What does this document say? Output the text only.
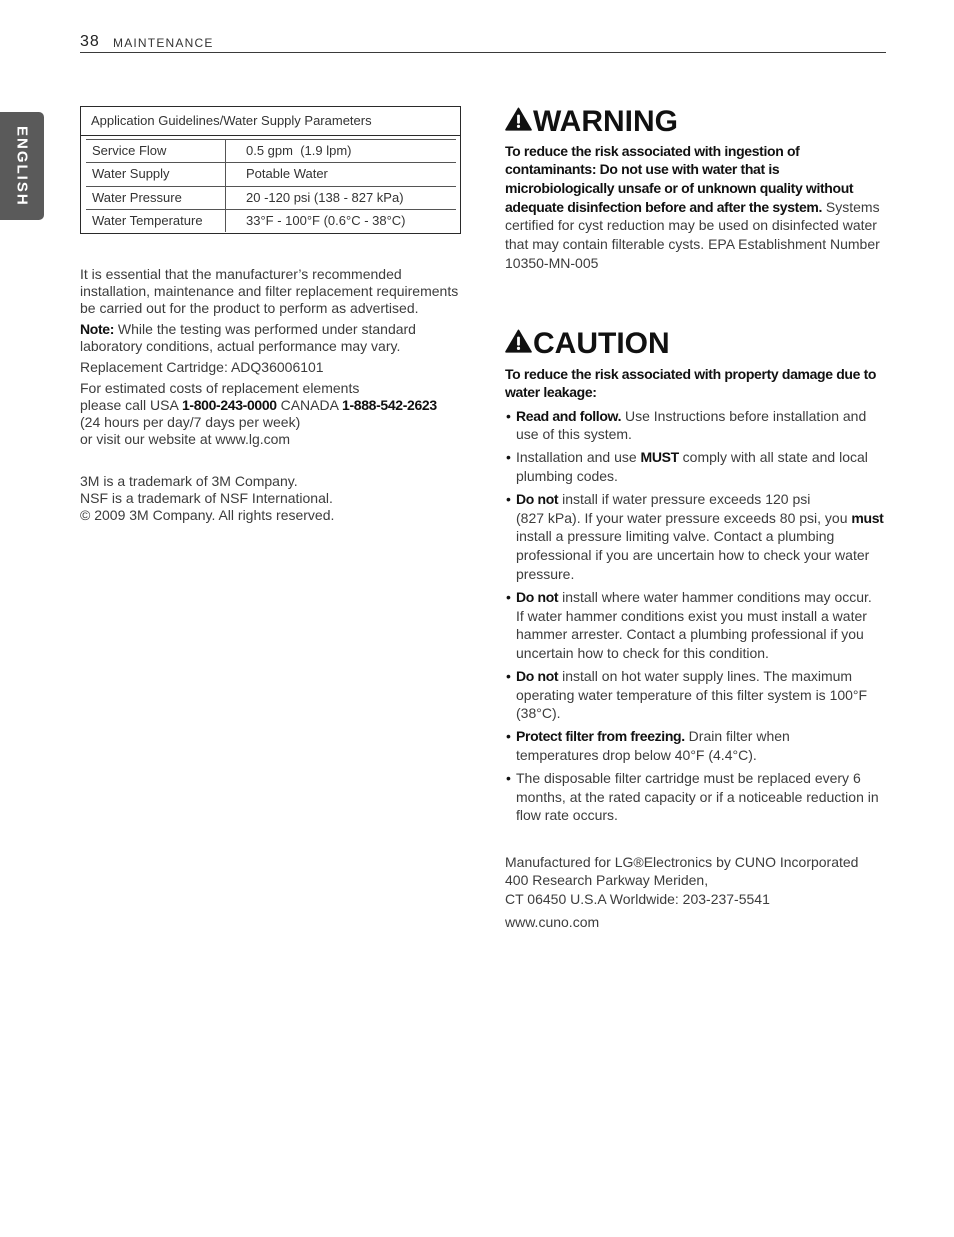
38 MAINTENANCE
ENGLISH
Application Guidelines/Water Supply Parameters
Service Flow	0.5 gpm  (1.9 lpm)
Water Supply	Potable Water
Water Pressure	20 -120 psi (138 - 827 kPa)
Water Temperature	33°F - 100°F (0.6°C - 38°C)
It is essential that the manufacturer’s recommended
installation, maintenance and filter replacement requirements
be carried out for the product to perform as advertised.
Note: While the testing was performed under standard
laboratory conditions, actual performance may vary.
Replacement Cartridge: ADQ36006101
For estimated costs of replacement elements
please call USA 1-800-243-0000 CANADA 1-888-542-2623
(24 hours per day/7 days per week)
or visit our website at www.lg.com
3M is a trademark of 3M Company.
NSF is a trademark of NSF International.
© 2009 3M Company. All rights reserved.
WARNING
To reduce the risk associated with ingestion of
contaminants: Do not use with water that is
microbiologically unsafe or of unknown quality without
adequate disinfection before and after the system. Systems
certified for cyst reduction may be used on disinfected water
that may contain filterable cysts. EPA Establishment Number
10350-MN-005
CAUTION
To reduce the risk associated with property damage due to
water leakage:
• Read and follow. Use Instructions before installation and
use of this system.
• Installation and use MUST comply with all state and local
plumbing codes.
• Do not install if water pressure exceeds 120 psi
(827 kPa). If your water pressure exceeds 80 psi, you must
install a pressure limiting valve. Contact a plumbing
professional if you are uncertain how to check your water
pressure.
• Do not install where water hammer conditions may occur.
If water hammer conditions exist you must install a water
hammer arrester. Contact a plumbing professional if you
uncertain how to check for this condition.
• Do not install on hot water supply lines. The maximum
operating water temperature of this filter system is 100°F
(38°C).
• Protect filter from freezing. Drain filter when
temperatures drop below 40°F (4.4°C).
• The disposable filter cartridge must be replaced every 6
months, at the rated capacity or if a noticeable reduction in
flow rate occurs.
Manufactured for LG®Electronics by CUNO Incorporated
400 Research Parkway Meriden,
CT 06450 U.S.A Worldwide: 203-237-5541
www.cuno.com
